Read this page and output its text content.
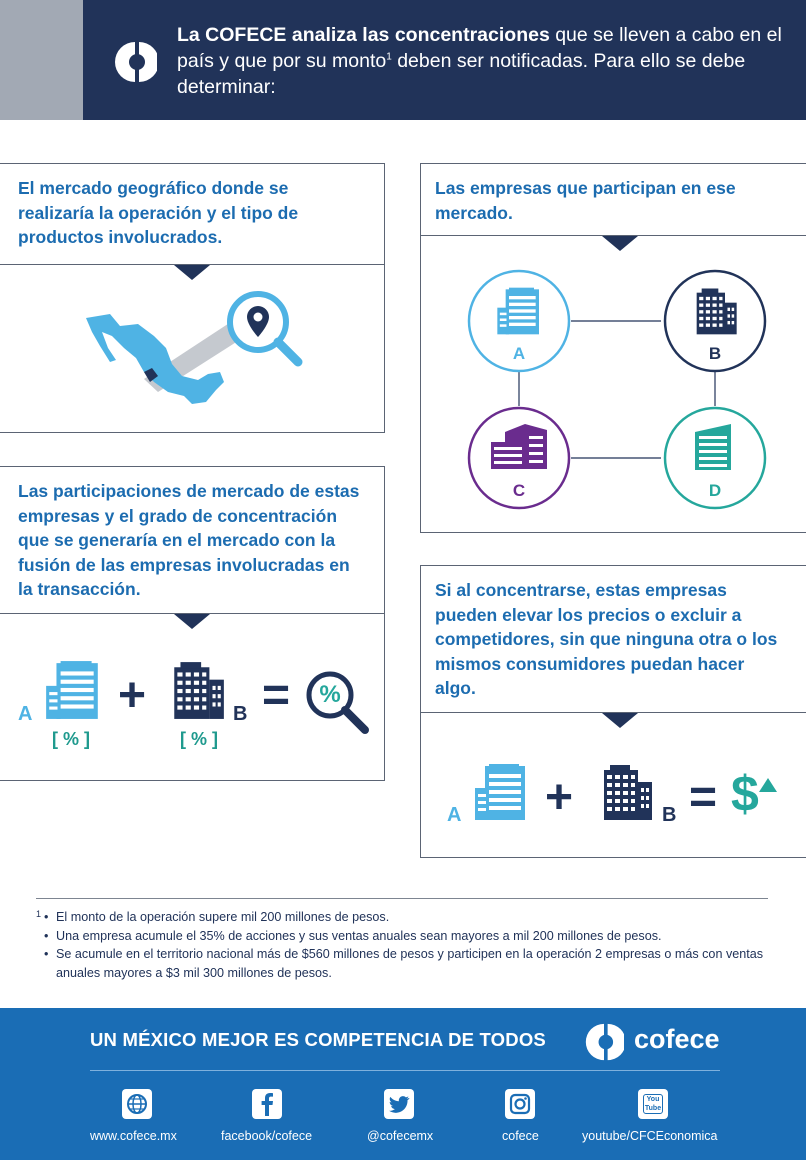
La COFECE analiza las concentraciones que se lleven a cabo en el país y que por su monto$^1$ deben ser notificadas. Para ello se debe determinar:
El mercado geográfico donde se
realizaría la operación y el tipo de
productos involucrados.
Las empresas que participan en ese
mercado.
A	B
C	D
Las participaciones de mercado de estas
empresas y el grado de concentración
que se generaría en el mercado con la
fusión de las empresas involucradas en
la transacción.
A
[ % ]
+	B
[ % ]
= %
Si al concentrarse, estas empresas
pueden elevar los precios o excluir a
competidores, sin que ninguna otra o los
mismos consumidores puedan hacer
algo.
A +	B = $
1
•	El monto de la operación supere mil 200 millones de pesos.
• Una empresa acumule el 35% de acciones y sus ventas anuales sean mayores a mil 200 millones de pesos.
• Se acumule en el territorio nacional más de $560 millones de pesos y participen en la operación 2 empresas o más con ventas anuales mayores a $3 mil 300 millones de pesos.
UN MÉXICO MEJOR ES COMPETENCIA DE TODOS	cofece
www.cofece.mx	facebook/cofece	@cofecemx	cofece
You Tube
youtube/CFCEconomica
